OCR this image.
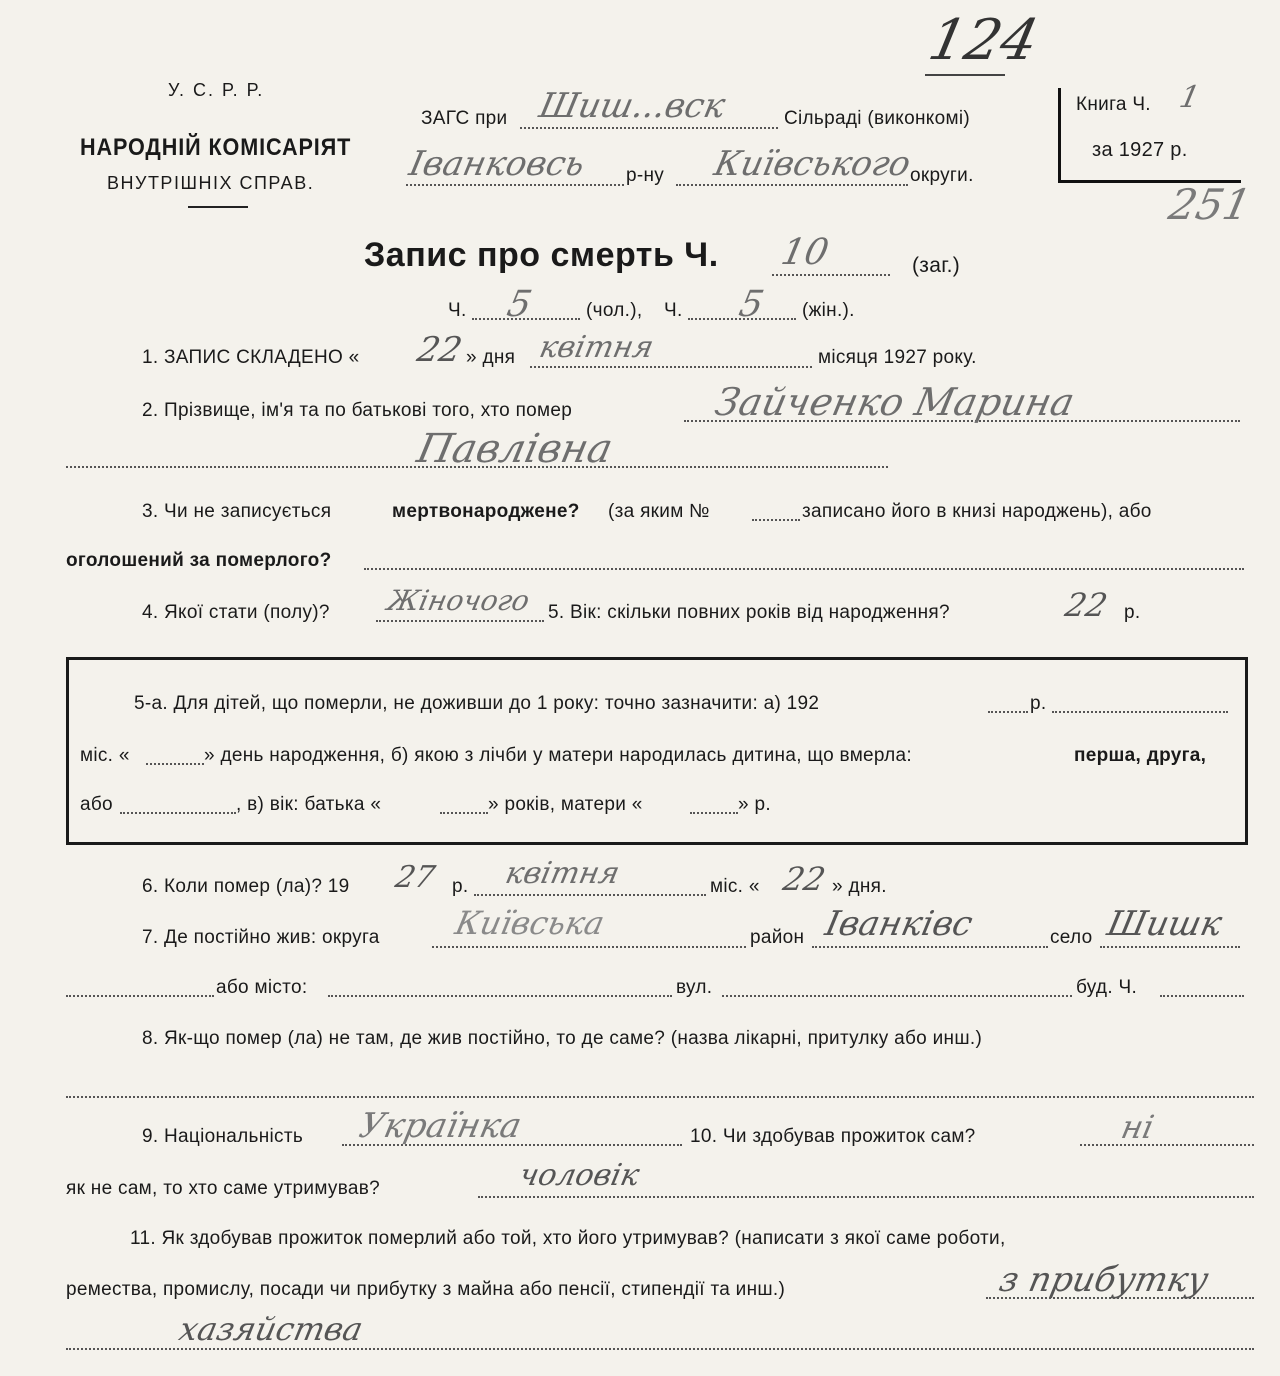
124
251
У. С. Р. Р.
НАРОДНІЙ КОМІСАРІЯТ
ВНУТРІШНІХ СПРАВ.
ЗАГС при Шиш...вск	Сільраді (виконкомі)
Іванковсь р-ну Київського
округи.
Книга Ч. 1
за 1927 р.
Запис про смерть Ч. 10	(заг.)
Ч. 5	(чол.), Ч. 5 (жін.).
1. ЗАПИС СКЛАДЕНО « 22 » дня квітня	місяця 1927 року.
2. Прізвище, ім'я та по батькові того, хто помер	Зайченко Марина
Павлівна
3. Чи не записується	мертвонароджене? (за яким №	записано його в книзі народжень), або
оголошений за померлого?
4. Якої стати (полу)? Жіночого 5. Вік: скільки повних років від народження?	22 р.
5-а. Для дітей, що померли, не доживши до 1 року: точно зазначити: а) 192	р.
міс. «	» день народження, б) якою з лічби у матери народилась дитина, що вмерла:	перша, друга,
або	, в) вік: батька «	» років, матери «	» р.
6. Коли помер (ла)? 19 27 р. квітня	міс. « 22 » дня.
7. Де постійно жив: округа Київська	район Іванківс	село Шишк
або місто:	вул.	буд. Ч.
8. Як-що помер (ла) не там, де жив постійно, то де саме? (назва лікарні, притулку або инш.)
9. Національність Українка	10. Чи здобував прожиток сам?	ні
як не сам, то хто саме утримував?	чоловік
11. Як здобував прожиток померлий або той, хто його утримував? (написати з якої саме роботи,
ремества, промислу, посади чи прибутку з майна або пенсії, стипендії та инш.)	з прибутку
хазяйства
